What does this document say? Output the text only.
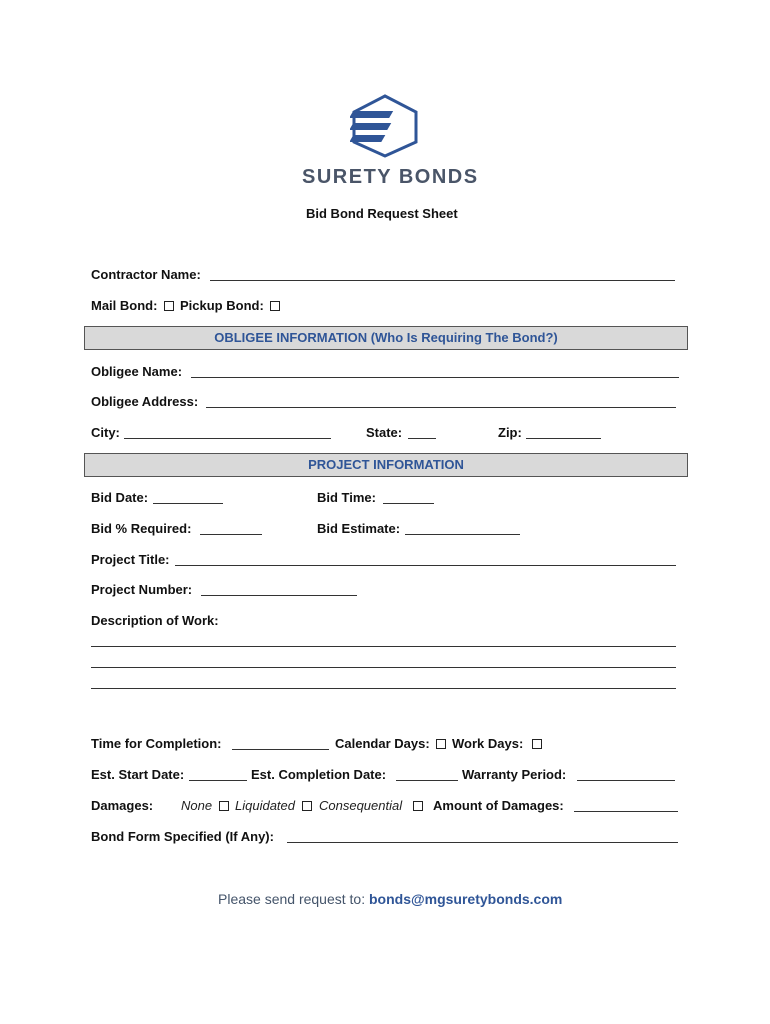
SURETY BONDS
Bid Bond Request Sheet
Contractor Name:
Mail Bond: Pickup Bond:
OBLIGEE INFORMATION (Who Is Requiring The Bond?)
Obligee Name:
Obligee Address:
City:	State:	Zip:
PROJECT INFORMATION
Bid Date:	Bid Time:
Bid % Required:	Bid Estimate:
Project Title:
Project Number:
Description of Work:
Time for Completion:	Calendar Days: Work Days:
Est. Start Date:	Est. Completion Date:	Warranty Period:
Damages: None Liquidated Consequential Amount of Damages:
Bond Form Specified (If Any):
Please send request to: bonds@mgsuretybonds.com
